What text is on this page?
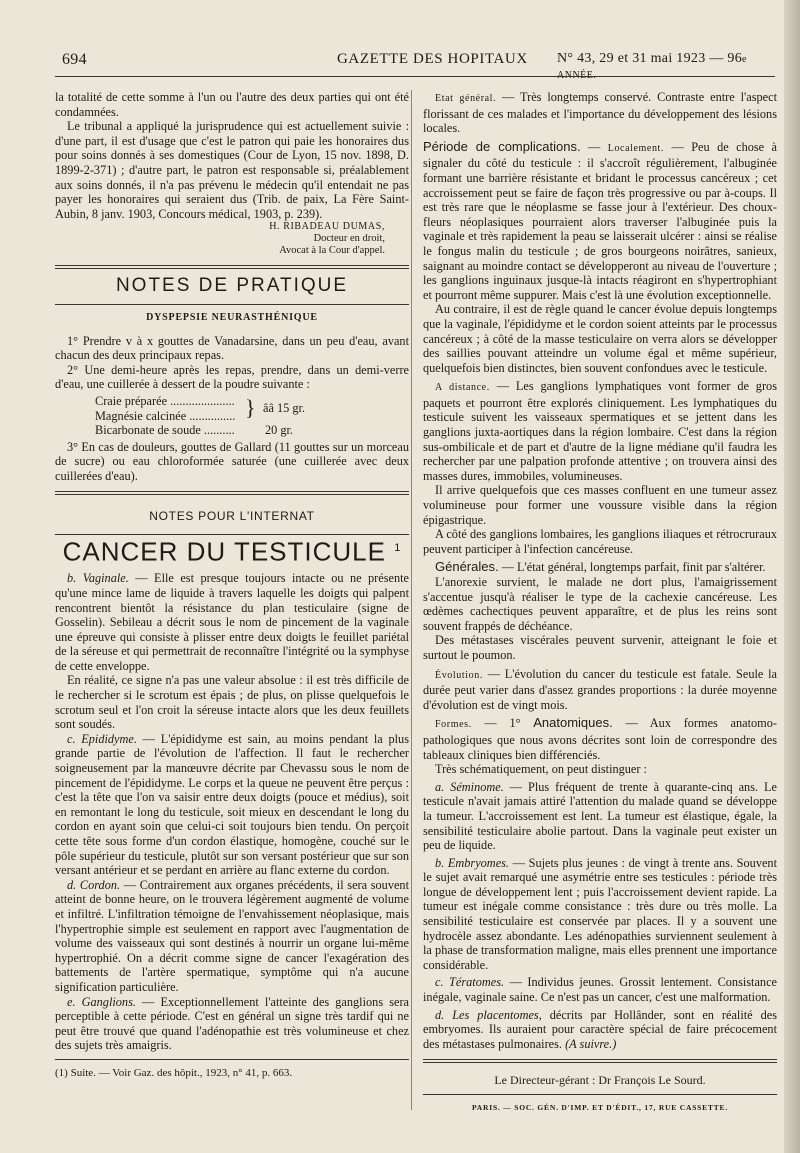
694	GAZETTE DES HOPITAUX N° 43, 29 et 31 mai 1923 — 96e ANNÉE.

la totalité de cette somme à l'un ou l'autre des deux parties qui ont été condamnées.

Le tribunal a appliqué la jurisprudence qui est actuellement suivie : d'une part, il est d'usage que c'est le patron qui paie les honoraires dus pour soins donnés à ses domestiques (Cour de Lyon, 15 nov. 1898, D. 1899-2-371) ; d'autre part, le patron est responsable si, préalablement aux soins donnés, il n'a pas prévenu le médecin qu'il entendait ne pas payer les honoraires qui seraient dus (Trib. de paix, La Fère Saint-Aubin, 8 janv. 1903, Concours médical, 1903, p. 239).

H. RIBADEAU DUMAS,
Docteur en droit,
Avocat à la Cour d'appel.
NOTES DE PRATIQUE
DYSPEPSIE NEURASTHÉNIQUE

1° Prendre v à x gouttes de Vanadarsine, dans un peu d'eau, avant chacun des deux principaux repas.

2° Une demi-heure après les repas, prendre, dans un demi-verre d'eau, une cuillerée à dessert de la poudre suivante :

Craie préparée .....................
Magnésie calcinée ............... } ââ 15 gr.
Bicarbonate de soude .......... 20 gr.

3° En cas de douleurs, gouttes de Gallard (11 gouttes sur un morceau de sucre) ou eau chloroformée saturée (une cuillerée avec deux cuillerées d'eau).

NOTES POUR L'INTERNAT
CANCER DU TESTICULE $^1$

b. Vaginale. — Elle est presque toujours intacte ou ne présente qu'une mince lame de liquide à travers laquelle les doigts qui palpent rencontrent bientôt la résistance du plan testiculaire (signe de Gosselin). Sebileau a décrit sous le nom de pincement de la vaginale une épreuve qui consiste à plisser entre deux doigts le feuillet pariétal de la séreuse et qui permettrait de reconnaître l'intégrité ou la symphyse de cette enveloppe.

En réalité, ce signe n'a pas une valeur absolue : il est très difficile de le rechercher si le scrotum est épais ; de plus, on plisse quelquefois le scrotum seul et l'on croit la séreuse intacte alors que les deux feuillets sont soudés.

c. Epididyme. — L'épididyme est sain, au moins pendant la plus grande partie de l'évolution de l'affection. Il faut le rechercher soigneusement par la manœuvre décrite par Chevassu sous le nom de pincement de l'épididyme. Le corps et la queue ne peuvent être perçus : c'est la tête que l'on va saisir entre deux doigts (pouce et médius), soit en remontant le long du testicule, soit mieux en descendant le long du cordon en ayant soin que celui-ci soit toujours bien tendu. On perçoit cette tête sous forme d'un cordon élastique, homogène, couché sur le pôle supérieur du testicule, plutôt sur son versant postérieur que sur son versant antérieur et se perdant en arrière au flanc externe du cordon.

d. Cordon. — Contrairement aux organes précédents, il sera souvent atteint de bonne heure, on le trouvera légèrement augmenté de volume et infiltré. L'infiltration témoigne de l'envahissement néoplasique, mais l'hypertrophie simple est seulement en rapport avec l'augmentation de volume des vaisseaux qui sont destinés à nourrir un organe lui-même hypertrophié. On a décrit comme signe de cancer l'exagération des battements de l'artère spermatique, symptôme qui n'a aucune signification particulière.

e. Ganglions. — Exceptionnellement l'atteinte des ganglions sera perceptible à cette période. C'est en général un signe très tardif qui ne peut être trouvé que quand l'adénopathie est très volumineuse et chez des sujets très amaigris.

(1) Suite. — Voir Gaz. des hôpit., 1923, n° 41, p. 663.

Etat général. — Très longtemps conservé. Contraste entre l'aspect florissant de ces malades et l'importance du développement des lésions locales.

Période de complications. — Localement. — Peu de chose à signaler du côté du testicule : il s'accroît régulièrement, l'albuginée formant une barrière résistante et bridant le processus cancéreux ; cet accroissement peut se faire de façon très progressive ou par à-coups. Il est très rare que le néoplasme se fasse jour à l'extérieur. Des choux-fleurs néoplasiques pourraient alors traverser l'albuginée puis la vaginale et très rapidement la peau se laisserait ulcérer : ainsi se réalise le fongus malin du testicule ; de gros bourgeons noirâtres, sanieux, saignant au moindre contact se développeront au niveau de l'ouverture ; les ganglions inguinaux jusque-là intacts réagiront en s'hypertrophiant et pourront même suppurer. Mais c'est là une évolution exceptionnelle.

Au contraire, il est de règle quand le cancer évolue depuis longtemps que la vaginale, l'épididyme et le cordon soient atteints par le processus cancéreux ; à côté de la masse testiculaire on verra alors se développer des saillies pouvant atteindre un volume égal et même supérieur, quelquefois bien distinctes, bien souvent confondues avec le testicule.

A distance. — Les ganglions lymphatiques vont former de gros paquets et pourront être explorés cliniquement. Les lymphatiques du testicule suivent les vaisseaux spermatiques et se jettent dans les ganglions juxta-aortiques dans la région lombaire. C'est dans la région sus-ombilicale et de part et d'autre de la ligne médiane qu'il faudra les rechercher par une palpation profonde attentive ; on trouvera ainsi des masses dures, immobiles, volumineuses.

Il arrive quelquefois que ces masses confluent en une tumeur assez volumineuse pour former une voussure visible dans la région épigastrique.

A côté des ganglions lombaires, les ganglions iliaques et rétrocruraux peuvent participer à l'infection cancéreuse.

Générales. — L'état général, longtemps parfait, finit par s'altérer.

L'anorexie survient, le malade ne dort plus, l'amaigrissement s'accentue jusqu'à réaliser le type de la cachexie cancéreuse. Les œdèmes cachectiques peuvent apparaître, et de plus les reins sont souvent frappés de déchéance.

Des métastases viscérales peuvent survenir, atteignant le foie et surtout le poumon.

Évolution. — L'évolution du cancer du testicule est fatale. Seule la durée peut varier dans d'assez grandes proportions : la durée moyenne d'évolution est de vingt mois.

Formes. — 1° Anatomiques. — Aux formes anatomo-pathologiques que nous avons décrites sont loin de correspondre des tableaux cliniques bien différenciés.

Très schématiquement, on peut distinguer :

a. Séminome. — Plus fréquent de trente à quarante-cinq ans. Le testicule n'avait jamais attiré l'attention du malade quand se développe la tumeur. L'accroissement est lent. La tumeur est élastique, égale, la sensibilité testiculaire abolie partout. Dans la vaginale peut exister un peu de liquide.

b. Embryomes. — Sujets plus jeunes : de vingt à trente ans. Souvent le sujet avait remarqué une asymétrie entre ses testicules : période très longue de développement lent ; puis l'accroissement devient rapide. La tumeur est inégale comme consistance : très dure ou très molle. La sensibilité testiculaire est conservée par places. Il y a souvent une hydrocèle assez abondante. Les adénopathies surviennent seulement à la phase de transformation maligne, mais elles prennent une importance considérable.

c. Tératomes. — Individus jeunes. Grossit lentement. Consistance inégale, vaginale saine. Ce n'est pas un cancer, c'est une malformation.

d. Les placentomes, décrits par Hollânder, sont en réalité des embryomes. Ils auraient pour caractère spécial de faire précocement des métastases pulmonaires. (A suivre.)

Le Directeur-gérant : Dr François Le Sourd.
PARIS. — SOC. GÉN. D'IMP. ET D'ÉDIT., 17, RUE CASSETTE.
